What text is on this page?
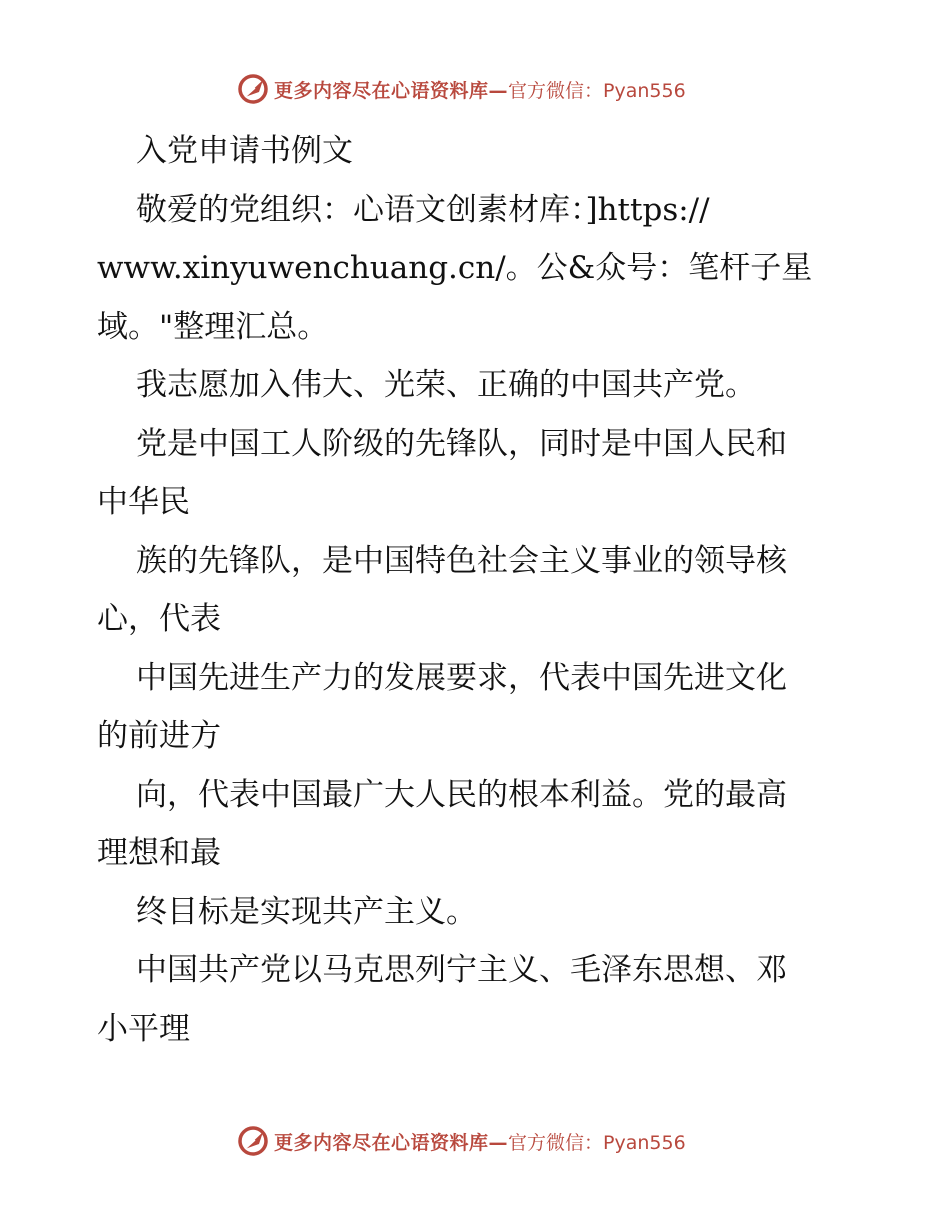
更多内容尽在心语资料库— 官方微信：Pyan556
入党申请书例文
敬爱的党组织：心语文创素材库：]https://
www.xinyuwenchuang.cn/。公&众号：笔杆子星
域。"整理汇总。
我志愿加入伟大、光荣、正确的中国共产党。
党是中国工人阶级的先锋队，同时是中国人民和
中华民
族的先锋队，是中国特色社会主义事业的领导核
心，代表
中国先进生产力的发展要求，代表中国先进文化
的前进方
向，代表中国最广大人民的根本利益。党的最高
理想和最
终目标是实现共产主义。
中国共产党以马克思列宁主义、毛泽东思想、邓
小平理
更多内容尽在心语资料库— 官方微信：Pyan556
